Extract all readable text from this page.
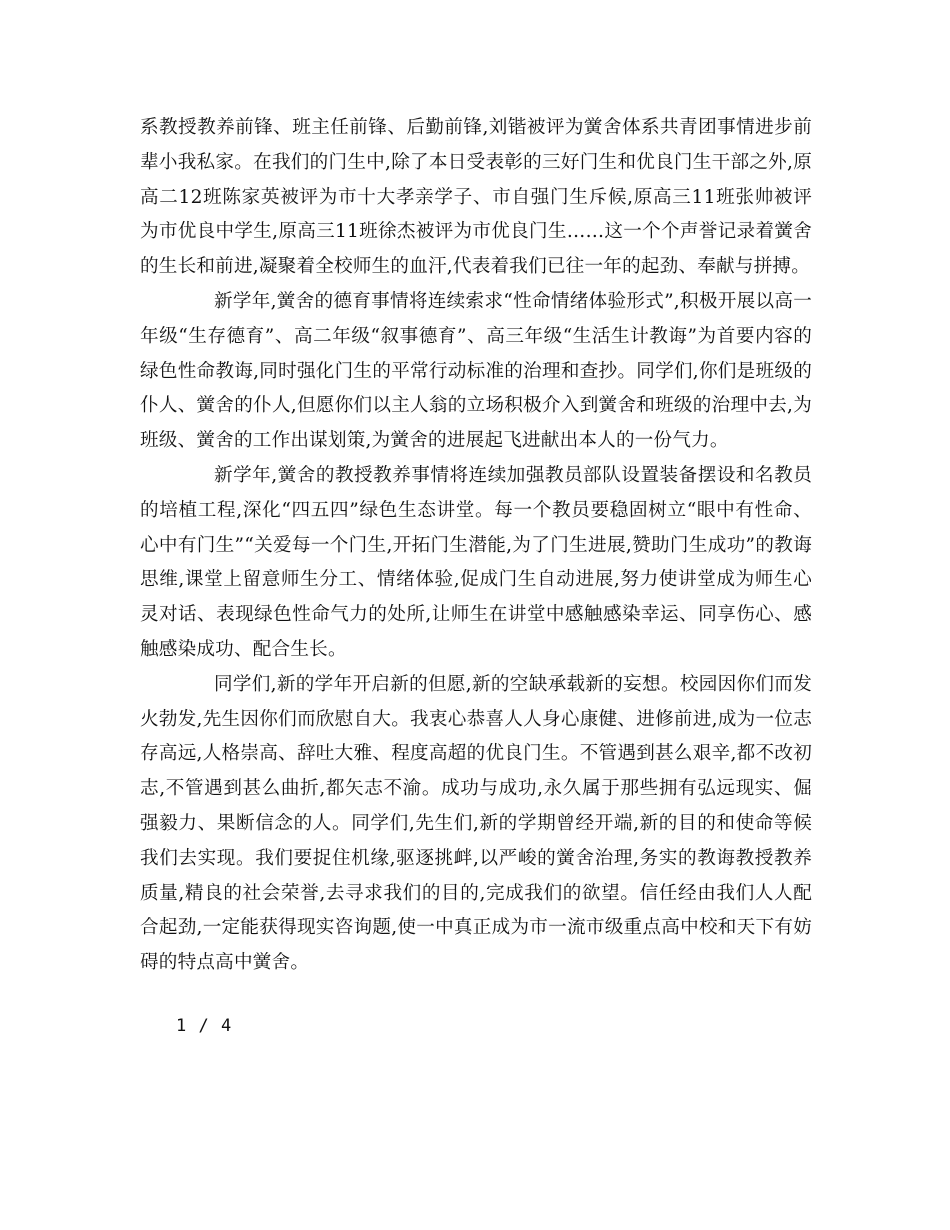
系教授教养前锋、班主任前锋、后勤前锋,刘锴被评为黉舍体系共青团事情进步前辈小我私家。在我们的门生中,除了本日受表彰的三好门生和优良门生干部之外,原高二12班陈家英被评为市十大孝亲学子、市自强门生斥候,原高三11班张帅被评为市优良中学生,原高三11班徐杰被评为市优良门生……这一个个声誉记录着黉舍的生长和前进,凝聚着全校师生的血汗,代表着我们已往一年的起劲、奉献与拼搏。

新学年,黉舍的德育事情将连续索求“性命情绪体验形式”,积极开展以高一年级“生存德育”、高二年级“叙事德育”、高三年级“生活生计教诲”为首要内容的绿色性命教诲,同时强化门生的平常行动标准的治理和查抄。同学们,你们是班级的仆人、黉舍的仆人,但愿你们以主人翁的立场积极介入到黉舍和班级的治理中去,为班级、黉舍的工作出谋划策,为黉舍的进展起飞进献出本人的一份气力。

新学年,黉舍的教授教养事情将连续加强教员部队设置装备摆设和名教员的培植工程,深化“四五四”绿色生态讲堂。每一个教员要稳固树立“眼中有性命、心中有门生”“关爱每一个门生,开拓门生潜能,为了门生进展,赞助门生成功”的教诲思维,课堂上留意师生分工、情绪体验,促成门生自动进展,努力使讲堂成为师生心灵对话、表现绿色性命气力的处所,让师生在讲堂中感触感染幸运、同享伤心、感触感染成功、配合生长。

同学们,新的学年开启新的但愿,新的空缺承载新的妄想。校园因你们而发火勃发,先生因你们而欣慰自大。我衷心恭喜人人身心康健、进修前进,成为一位志存高远,人格崇高、辞吐大雅、程度高超的优良门生。不管遇到甚么艰辛,都不改初志,不管遇到甚么曲折,都矢志不渝。成功与成功,永久属于那些拥有弘远现实、倔强毅力、果断信念的人。同学们,先生们,新的学期曾经开端,新的目的和使命等候我们去实现。我们要捉住机缘,驱逐挑衅,以严峻的黉舍治理,务实的教诲教授教养质量,精良的社会荣誉,去寻求我们的目的,完成我们的欲望。信任经由我们人人配合起劲,一定能获得现实咨询题,使一中真正成为市一流市级重点高中校和天下有妨碍的特点高中黉舍。

1 / 4
